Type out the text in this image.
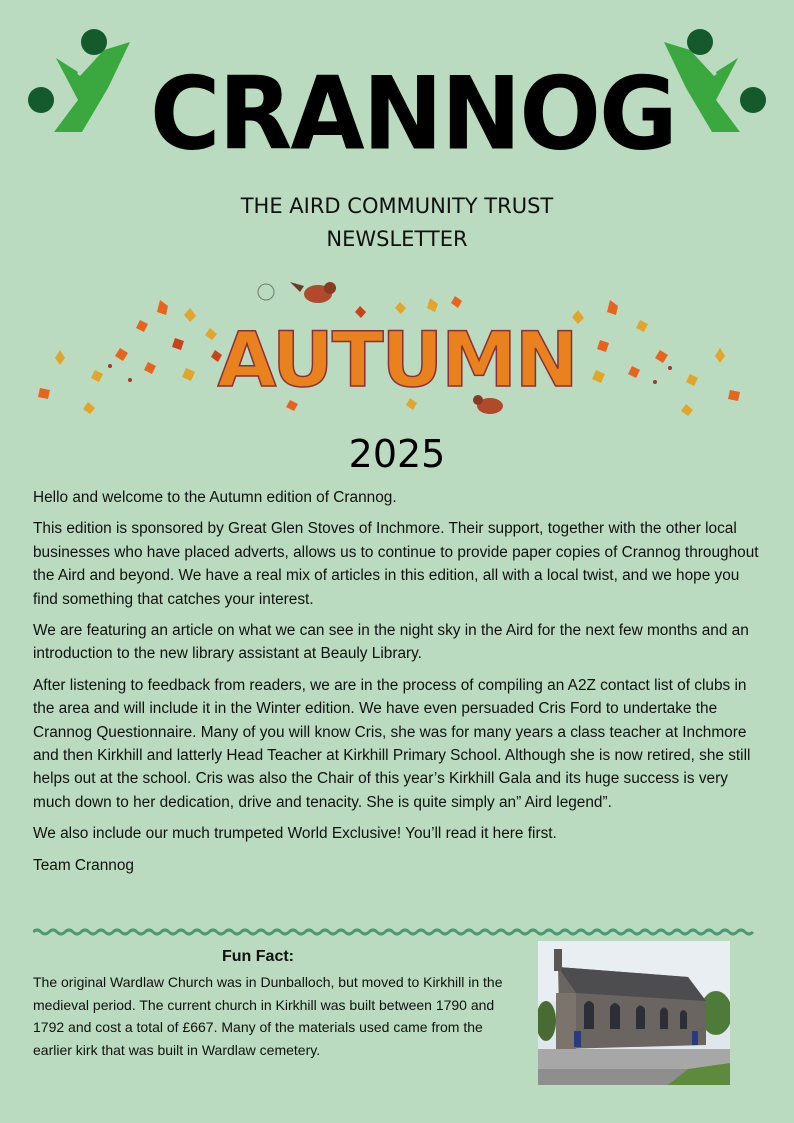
CRANNOG
THE AIRD COMMUNITY TRUST
NEWSLETTER
AUTUMN
2025

Hello and welcome to the Autumn edition of Crannog.

This edition is sponsored by Great Glen Stoves of Inchmore. Their support, together with the other local businesses who have placed adverts, allows us to continue to provide paper copies of Crannog throughout the Aird and beyond. We have a real mix of articles in this edition, all with a local twist, and we hope you find something that catches your interest.

We are featuring an article on what we can see in the night sky in the Aird for the next few months and an introduction to the new library assistant at Beauly Library.

After listening to feedback from readers, we are in the process of compiling an A2Z contact list of clubs in the area and will include it in the Winter edition. We have even persuaded Cris Ford to undertake the Crannog Questionnaire. Many of you will know Cris, she was for many years a class teacher at Inchmore and then Kirkhill and latterly Head Teacher at Kirkhill Primary School. Although she is now retired, she still helps out at the school. Cris was also the Chair of this year’s Kirkhill Gala and its huge success is very much down to her dedication, drive and tenacity. She is quite simply an” Aird legend”.

We also include our much trumpeted World Exclusive! You’ll read it here first.

Team Crannog

Fun Fact:
The original Wardlaw Church was in Dunballoch, but moved to Kirkhill in the medieval period. The current church in Kirkhill was built between 1790 and 1792 and cost a total of £667. Many of the materials used came from the earlier kirk that was built in Wardlaw cemetery.
